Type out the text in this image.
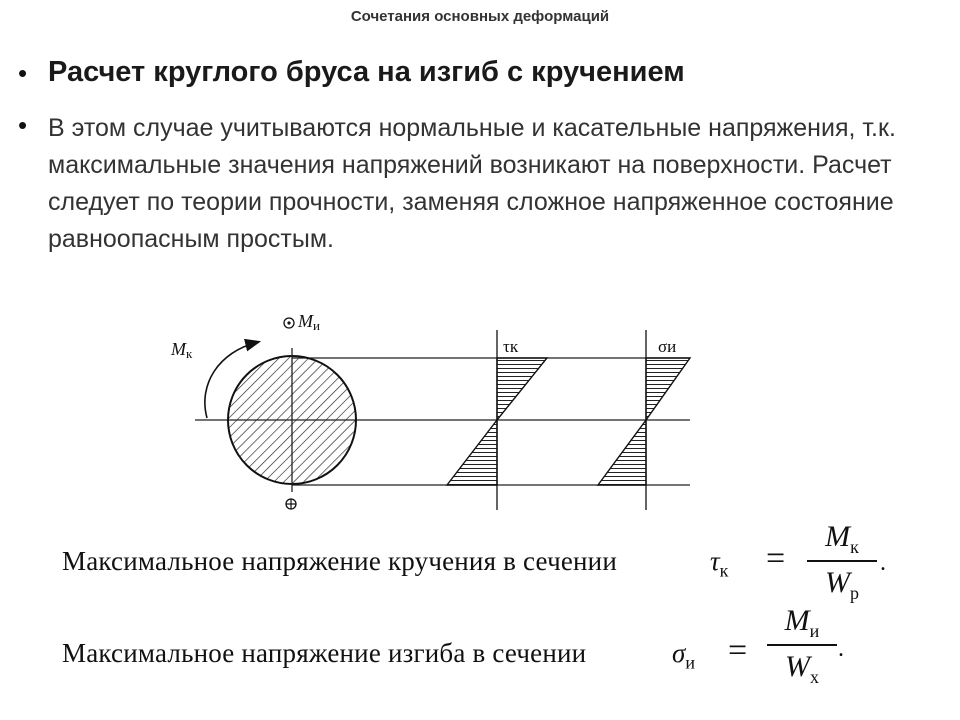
Сочетания основных деформаций
• Расчет круглого бруса на изгиб с кручением
• В этом случае учитываются нормальные и касательные напряжения, т.к. максимальные значения напряжений возникают на поверхности. Расчет следует по теории прочности, заменяя сложное напряженное состояние равноопасным простым.
Mк
Mи
τк	σи
Максимальное напряжение кручения в сечении	$\tau_к$ =
$M_к$
$W_p$
.
Максимальное напряжение изгиба в сечении	$\sigma_и$ =
$M_и$
$W_x$
.
